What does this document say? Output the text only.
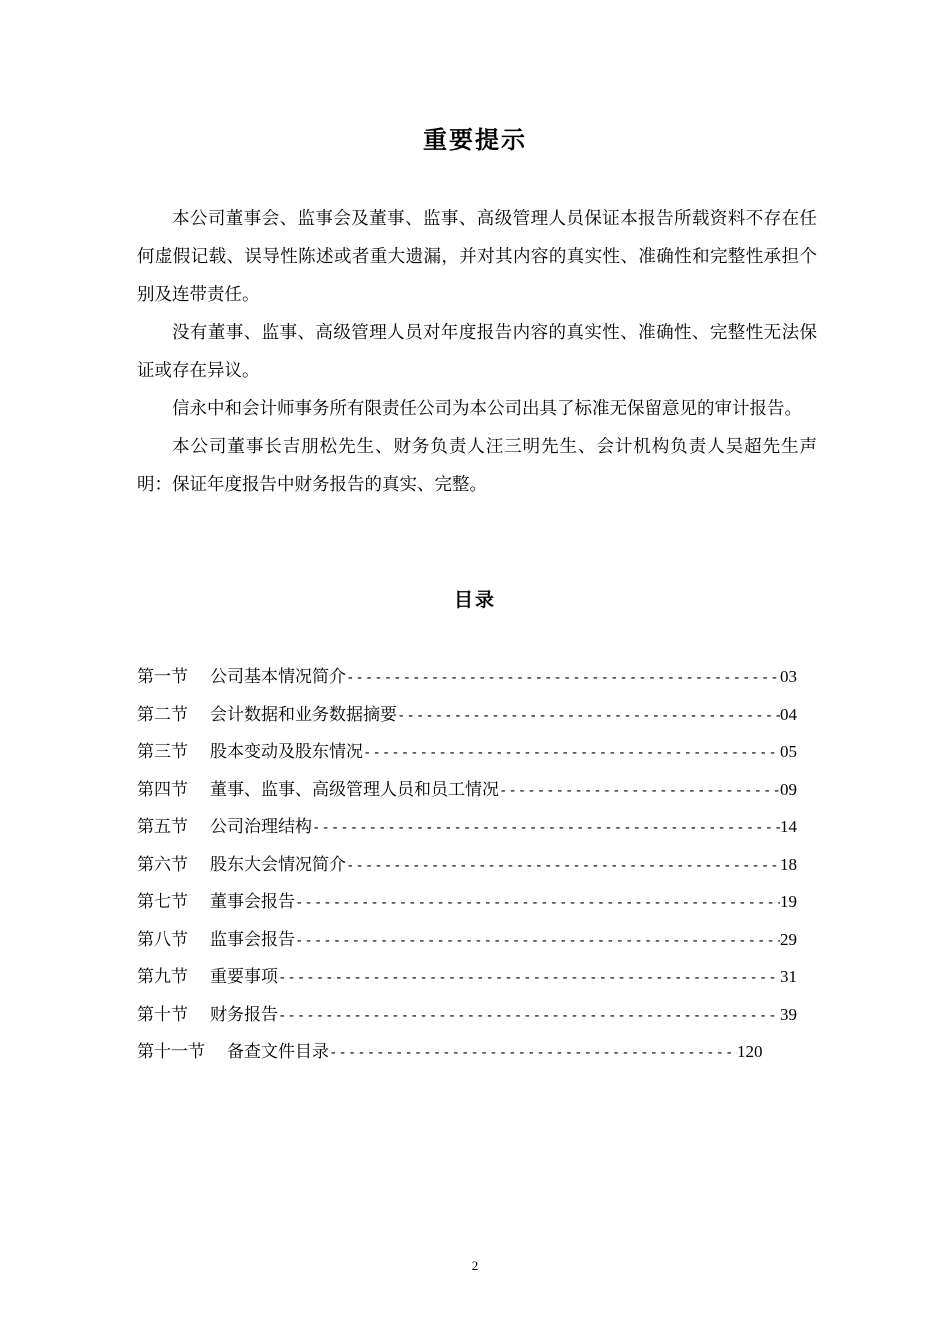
重要提示

本公司董事会、监事会及董事、监事、高级管理人员保证本报告所载资料不存在任何虚假记载、误导性陈述或者重大遗漏，并对其内容的真实性、准确性和完整性承担个别及连带责任。

没有董事、监事、高级管理人员对年度报告内容的真实性、准确性、完整性无法保证或存在异议。

信永中和会计师事务所有限责任公司为本公司出具了标准无保留意见的审计报告。

本公司董事长吉朋松先生、财务负责人汪三明先生、会计机构负责人吴超先生声明：保证年度报告中财务报告的真实、完整。

目录
第一节 公司基本情况简介 -----	03
第二节 会计数据和业务数据摘要 -----	04
第三节 股本变动及股东情况 -----	05
第四节 董事、监事、高级管理人员和员工情况 -----	09
第五节 公司治理结构 -----	14
第六节 股东大会情况简介 -----	18
第七节 董事会报告 -----	19
第八节 监事会报告 -----	29
第九节 重要事项 -----	31
第十节 财务报告 -----	39
第十一节 备查文件目录 -----	120
2
